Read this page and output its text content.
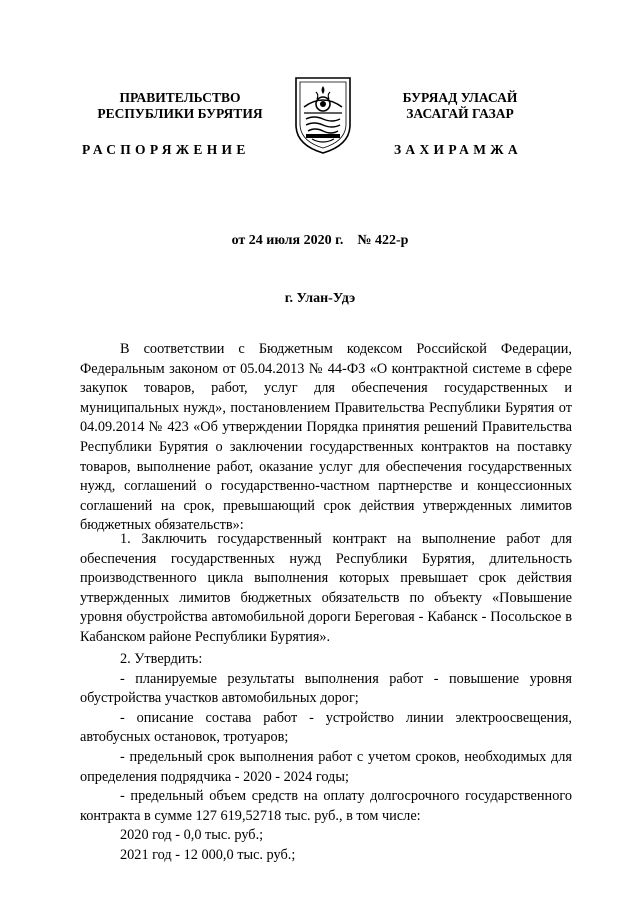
ПРАВИТЕЛЬСТВО
РЕСПУБЛИКИ БУРЯТИЯ
БУРЯАД УЛАСАЙ
ЗАСАГАЙ ГАЗАР
РАСПОРЯЖЕНИЕ	ЗАХИРАМЖА
от 24 июля 2020 г.    № 422-р
г. Улан-Удэ

В соответствии с Бюджетным кодексом Российской Федерации, Федеральным законом от 05.04.2013 № 44-ФЗ «О контрактной системе в сфере закупок товаров, работ, услуг для обеспечения государственных и муниципальных нужд», постановлением Правительства Республики Бурятия от 04.09.2014 № 423 «Об утверждении Порядка принятия решений Правительства Республики Бурятия о заключении государственных контрактов на поставку товаров, выполнение работ, оказание услуг для обеспечения государственных нужд, соглашений о государственно-частном партнерстве и концессионных соглашений на срок, превышающий срок действия утвержденных лимитов бюджетных обязательств»:

1. Заключить государственный контракт на выполнение работ для обеспечения государственных нужд Республики Бурятия, длительность производственного цикла выполнения которых превышает срок действия утвержденных лимитов бюджетных обязательств по объекту «Повышение уровня обустройства автомобильной дороги Береговая - Кабанск - Посольское в Кабанском районе Республики Бурятия».

2. Утвердить:

- планируемые результаты выполнения работ - повышение уровня обустройства участков автомобильных дорог;

- описание состава работ - устройство линии электроосвещения, автобусных остановок, тротуаров;

- предельный срок выполнения работ с учетом сроков, необходимых для определения подрядчика - 2020 - 2024 годы;

- предельный объем средств на оплату долгосрочного государственного контракта в сумме 127 619,52718 тыс. руб., в том числе:

2020 год - 0,0 тыс. руб.;

2021 год - 12 000,0 тыс. руб.;
